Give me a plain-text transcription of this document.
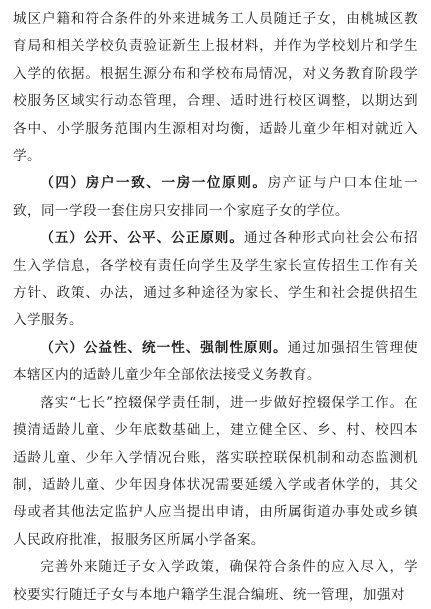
城区户籍和符合条件的外来进城务工人员随迁子女，由桃城区教育局和相关学校负责验证新生上报材料，并作为学校划片和学生入学的依据。根据生源分布和学校布局情况，对义务教育阶段学校服务区域实行动态管理，合理、适时进行校区调整，以期达到各中、小学服务范围内生源相对均衡，适龄儿童少年相对就近入学。

（四）房户一致、一房一位原则。房产证与户口本住址一致，同一学段一套住房只安排同一个家庭子女的学位。

（五）公开、公平、公正原则。通过各种形式向社会公布招生入学信息，各学校有责任向学生及学生家长宣传招生工作有关方针、政策、办法，通过多种途径为家长、学生和社会提供招生入学服务。

（六）公益性、统一性、强制性原则。通过加强招生管理使本辖区内的适龄儿童少年全部依法接受义务教育。

落实“七长”控辍保学责任制，进一步做好控辍保学工作。在摸清适龄儿童、少年底数基础上，建立健全区、乡、村、校四本适龄儿童、少年入学情况台账，落实联控联保机制和动态监测机制，适龄儿童、少年因身体状况需要延缓入学或者休学的，其父母或者其他法定监护人应当提出申请，由所属街道办事处或乡镇人民政府批准，报服务区所属小学备案。

完善外来随迁子女入学政策，确保符合条件的应入尽入，学校要实行随迁子女与本地户籍学生混合编班、统一管理，加强对
